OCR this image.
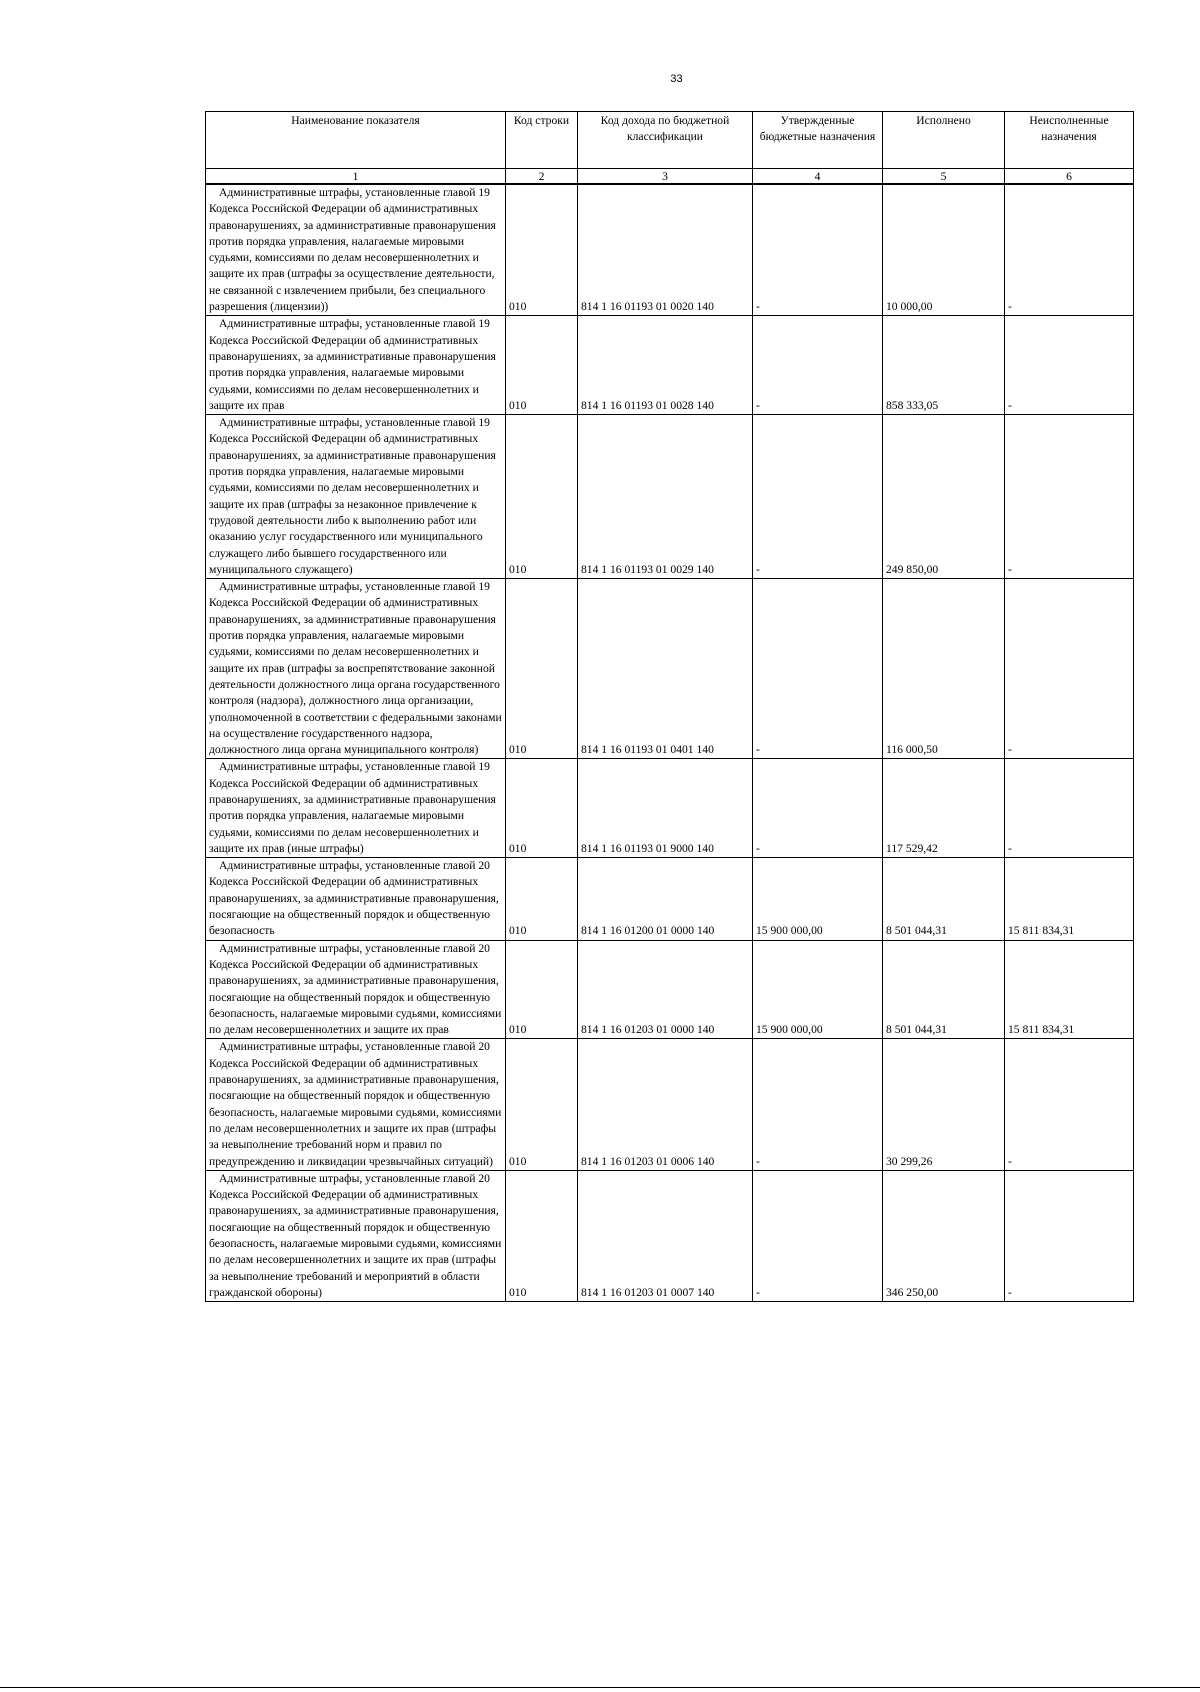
33
Наименование показателя	Код строки	Код дохода по бюджетной классификации	Утвержденные бюджетные назначения	Исполнено	Неисполненные назначения
1	2	3	4	5	6
Административные штрафы, установленные главой 19 Кодекса Российской Федерации об административных правонарушениях, за административные правонарушения против порядка управления, налагаемые мировыми судьями, комиссиями по делам несовершеннолетних и защите их прав (штрафы за осуществление деятельности, не связанной с извлечением прибыли, без специального разрешения (лицензии))	010	814 1 16 01193 01 0020 140	-	10 000,00	-
Административные штрафы, установленные главой 19 Кодекса Российской Федерации об административных правонарушениях, за административные правонарушения против порядка управления, налагаемые мировыми судьями, комиссиями по делам несовершеннолетних и защите их прав	010	814 1 16 01193 01 0028 140	-	858 333,05	-
Административные штрафы, установленные главой 19 Кодекса Российской Федерации об административных правонарушениях, за административные правонарушения против порядка управления, налагаемые мировыми судьями, комиссиями по делам несовершеннолетних и защите их прав (штрафы за незаконное привлечение к трудовой деятельности либо к выполнению работ или оказанию услуг государственного или муниципального служащего либо бывшего государственного или муниципального служащего)	010	814 1 16 01193 01 0029 140	-	249 850,00	-
Административные штрафы, установленные главой 19 Кодекса Российской Федерации об административных правонарушениях, за административные правонарушения против порядка управления, налагаемые мировыми судьями, комиссиями по делам несовершеннолетних и защите их прав (штрафы за воспрепятствование законной деятельности должностного лица органа государственного контроля (надзора), должностного лица организации, уполномоченной в соответствии с федеральными законами на осуществление государственного надзора, должностного лица органа муниципального контроля)	010	814 1 16 01193 01 0401 140	-	116 000,50	-
Административные штрафы, установленные главой 19 Кодекса Российской Федерации об административных правонарушениях, за административные правонарушения против порядка управления, налагаемые мировыми судьями, комиссиями по делам несовершеннолетних и защите их прав (иные штрафы)	010	814 1 16 01193 01 9000 140	-	117 529,42	-
Административные штрафы, установленные главой 20 Кодекса Российской Федерации об административных правонарушениях, за административные правонарушения, посягающие на общественный порядок и общественную безопасность	010	814 1 16 01200 01 0000 140	15 900 000,00	8 501 044,31	15 811 834,31
Административные штрафы, установленные главой 20 Кодекса Российской Федерации об административных правонарушениях, за административные правонарушения, посягающие на общественный порядок и общественную безопасность, налагаемые мировыми судьями, комиссиями по делам несовершеннолетних и защите их прав	010	814 1 16 01203 01 0000 140	15 900 000,00	8 501 044,31	15 811 834,31
Административные штрафы, установленные главой 20 Кодекса Российской Федерации об административных правонарушениях, за административные правонарушения, посягающие на общественный порядок и общественную безопасность, налагаемые мировыми судьями, комиссиями по делам несовершеннолетних и защите их прав (штрафы за невыполнение требований норм и правил по предупреждению и ликвидации чрезвычайных ситуаций)	010	814 1 16 01203 01 0006 140	-	30 299,26	-
Административные штрафы, установленные главой 20 Кодекса Российской Федерации об административных правонарушениях, за административные правонарушения, посягающие на общественный порядок и общественную безопасность, налагаемые мировыми судьями, комиссиями по делам несовершеннолетних и защите их прав (штрафы за невыполнение требований и мероприятий в области гражданской обороны)	010	814 1 16 01203 01 0007 140	-	346 250,00	-
